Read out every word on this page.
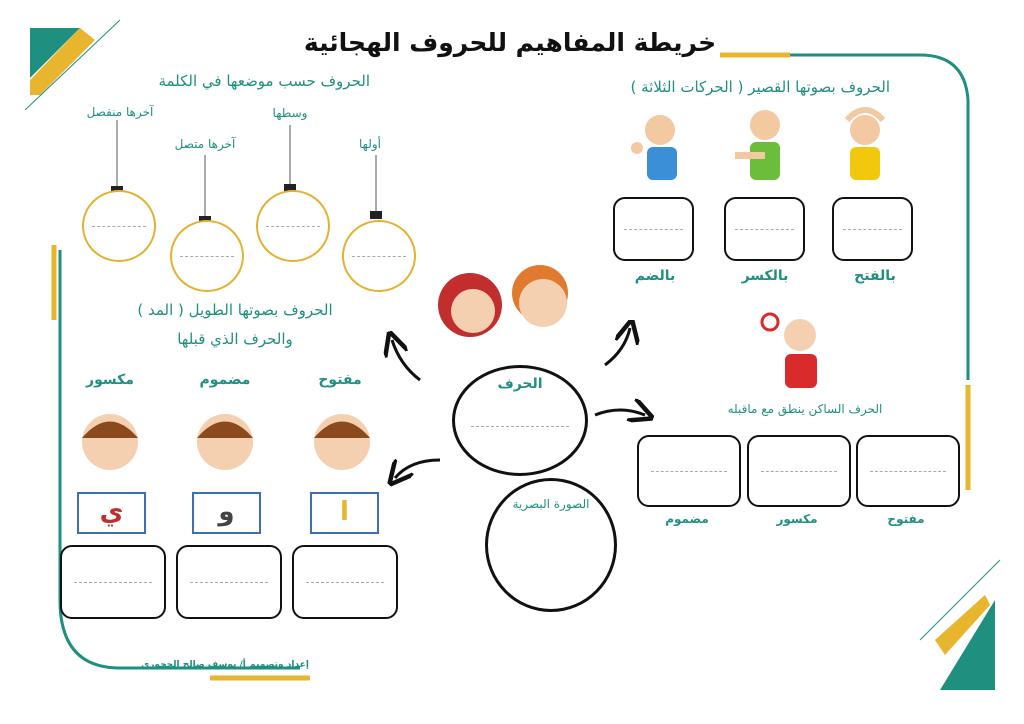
خريطة المفاهيم للحروف الهجائية
الحروف حسب موضعها في الكلمة
أولها
وسطها
آخرها متصل
آخرها منفصل
الحروف بصوتها القصير ( الحركات الثلاثة )
بالفتح
بالكسر
بالضم
الحرف
الصورة البصرية
الحروف بصوتها الطويل ( المد )
والحرف الذي قبلها
مفتوح
مضموم
مكسور
ا
و
ي
الحرف الساكن ينطق مع ماقبله
مفتوح
مكسور
مضموم
إعداد وتصميم أ/ يوسف صالح الحجوري
